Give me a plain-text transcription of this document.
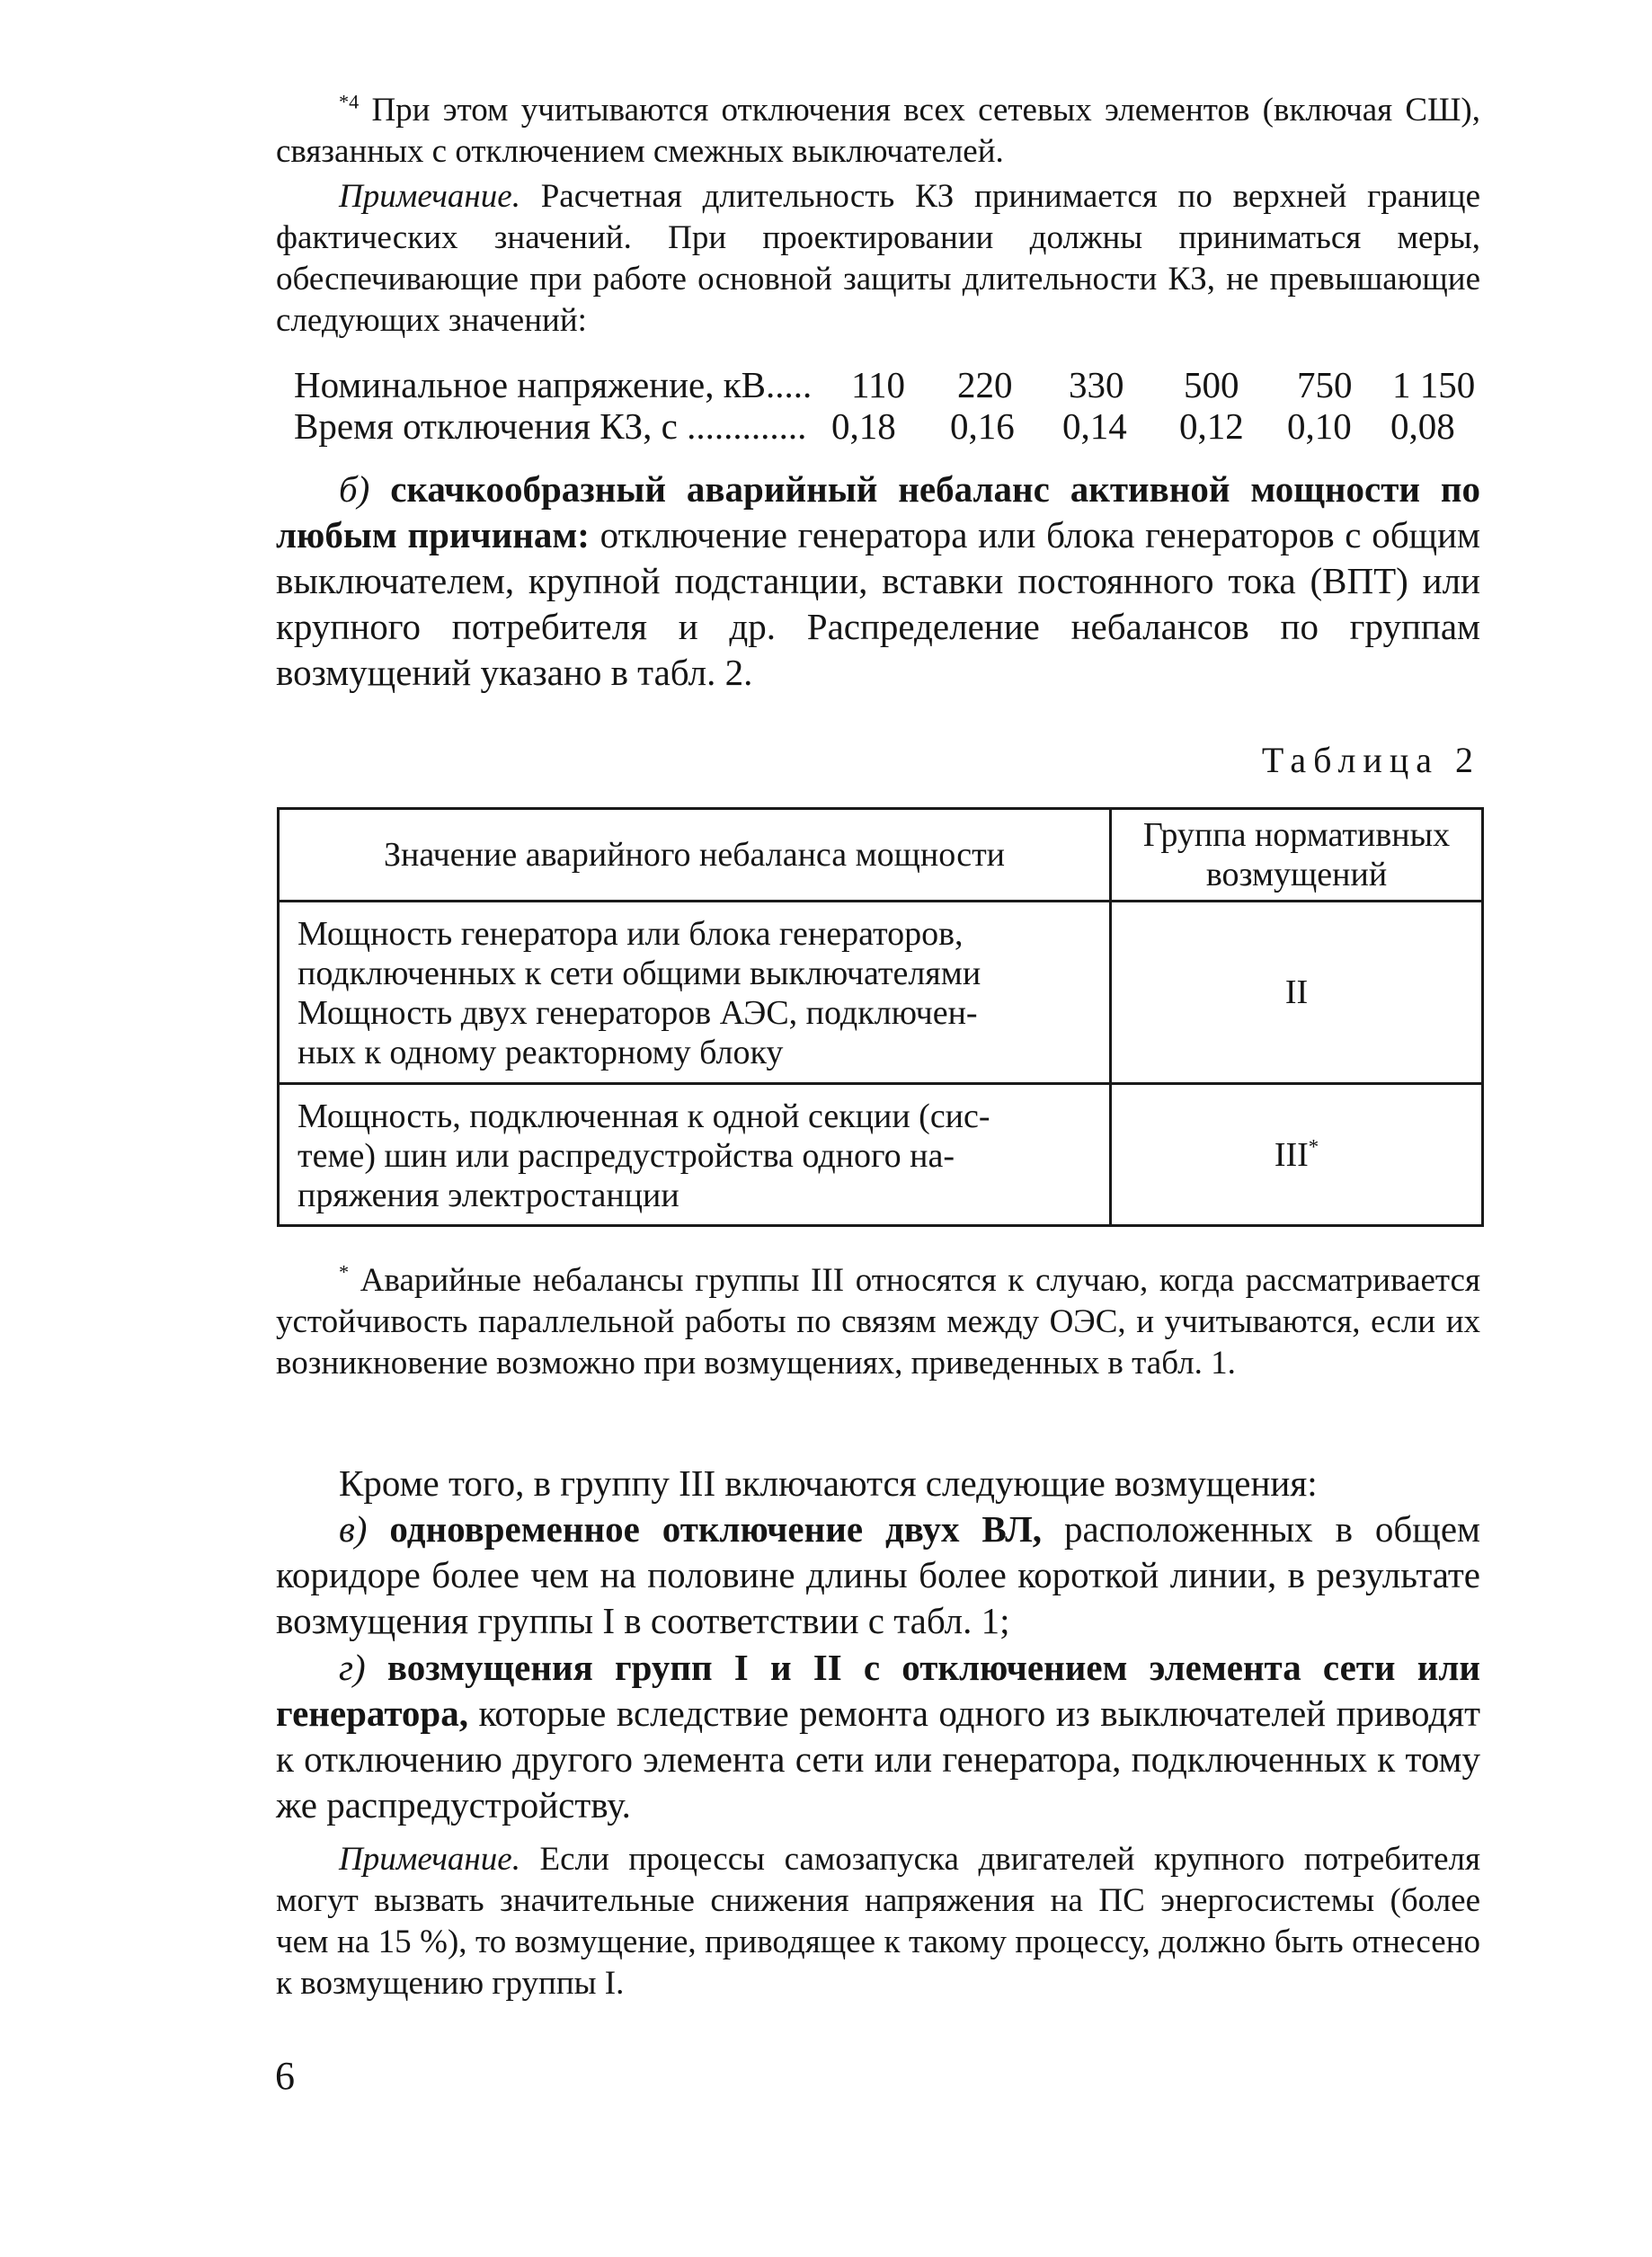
$^{*4}$ При этом учитываются отключения всех сетевых элементов (включая СШ), связанных с отключением смежных выключателей.

Примечание. Расчетная длительность КЗ принимается по верхней границе фактических значений. При проектировании должны приниматься меры, обеспечивающие при работе основной защиты длительности КЗ, не превышающие следующих значений:

Номинальное напряжение, кВ..... 110 220 330 500 750 1 150
Время отключения КЗ, с ............. 0,18 0,16 0,14 0,12 0,10 0,08

б) скачкообразный аварийный небаланс активной мощности по любым причинам: отключение генератора или блока генераторов с общим выключателем, крупной подстанции, вставки постоянного тока (ВПТ) или крупного потребителя и др. Распределение небалансов по группам возмущений указано в табл. 2.

Таблица 2
Значение аварийного небаланса мощности	Группа нормативных возмущений

Мощность генератора или блока генераторов,
подключенных к сети общими выключателями
Мощность двух генераторов АЭС, подключен-
ных к одному реакторному блоку	II

Мощность, подключенная к одной секции (сис-
теме) шин или распредустройства одного на-
пряжения электростанции	III*

* Аварийные небалансы группы III относятся к случаю, когда рассматривается устойчивость параллельной работы по связям между ОЭС, и учитываются, если их возникновение возможно при возмущениях, приведенных в табл. 1.

Кроме того, в группу III включаются следующие возмущения:

в) одновременное отключение двух ВЛ, расположенных в общем коридоре более чем на половине длины более короткой линии, в результате возмущения группы I в соответствии с табл. 1;

г) возмущения групп I и II с отключением элемента сети или генератора, которые вследствие ремонта одного из выключателей приводят к отключению другого элемента сети или генератора, подключенных к тому же распредустройству.

Примечание. Если процессы самозапуска двигателей крупного потребителя могут вызвать значительные снижения напряжения на ПС энергосистемы (более чем на 15 %), то возмущение, приводящее к такому процессу, должно быть отнесено к возмущению группы I.

6
